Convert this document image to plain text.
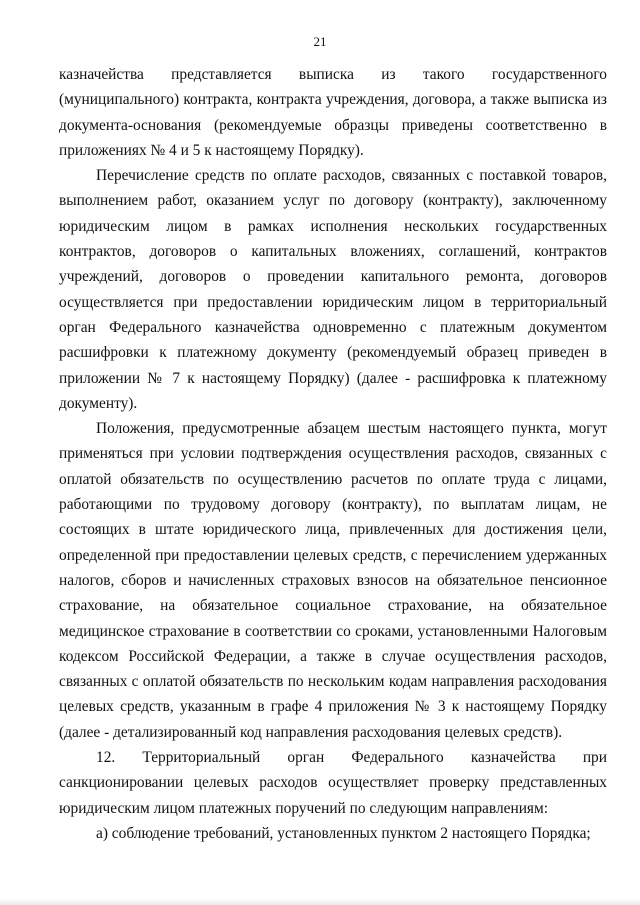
21

казначейства представляется выписка из такого государственного (муниципального) контракта, контракта учреждения, договора, а также выписка из документа-основания (рекомендуемые образцы приведены соответственно в приложениях № 4 и 5 к настоящему Порядку).

Перечисление средств по оплате расходов, связанных с поставкой товаров, выполнением работ, оказанием услуг по договору (контракту), заключенному юридическим лицом в рамках исполнения нескольких государственных контрактов, договоров о капитальных вложениях, соглашений, контрактов учреждений, договоров о проведении капитального ремонта, договоров осуществляется при предоставлении юридическим лицом в территориальный орган Федерального казначейства одновременно с платежным документом расшифровки к платежному документу (рекомендуемый образец приведен в приложении № 7 к настоящему Порядку) (далее - расшифровка к платежному документу).

Положения, предусмотренные абзацем шестым настоящего пункта, могут применяться при условии подтверждения осуществления расходов, связанных с оплатой обязательств по осуществлению расчетов по оплате труда с лицами, работающими по трудовому договору (контракту), по выплатам лицам, не состоящих в штате юридического лица, привлеченных для достижения цели, определенной при предоставлении целевых средств, с перечислением удержанных налогов, сборов и начисленных страховых взносов на обязательное пенсионное страхование, на обязательное социальное страхование, на обязательное медицинское страхование в соответствии со сроками, установленными Налоговым кодексом Российской Федерации, а также в случае осуществления расходов, связанных с оплатой обязательств по нескольким кодам направления расходования целевых средств, указанным в графе 4 приложения № 3 к настоящему Порядку (далее - детализированный код направления расходования целевых средств).

12. Территориальный орган Федерального казначейства при санкционировании целевых расходов осуществляет проверку представленных юридическим лицом платежных поручений по следующим направлениям:

а) соблюдение требований, установленных пунктом 2 настоящего Порядка;
